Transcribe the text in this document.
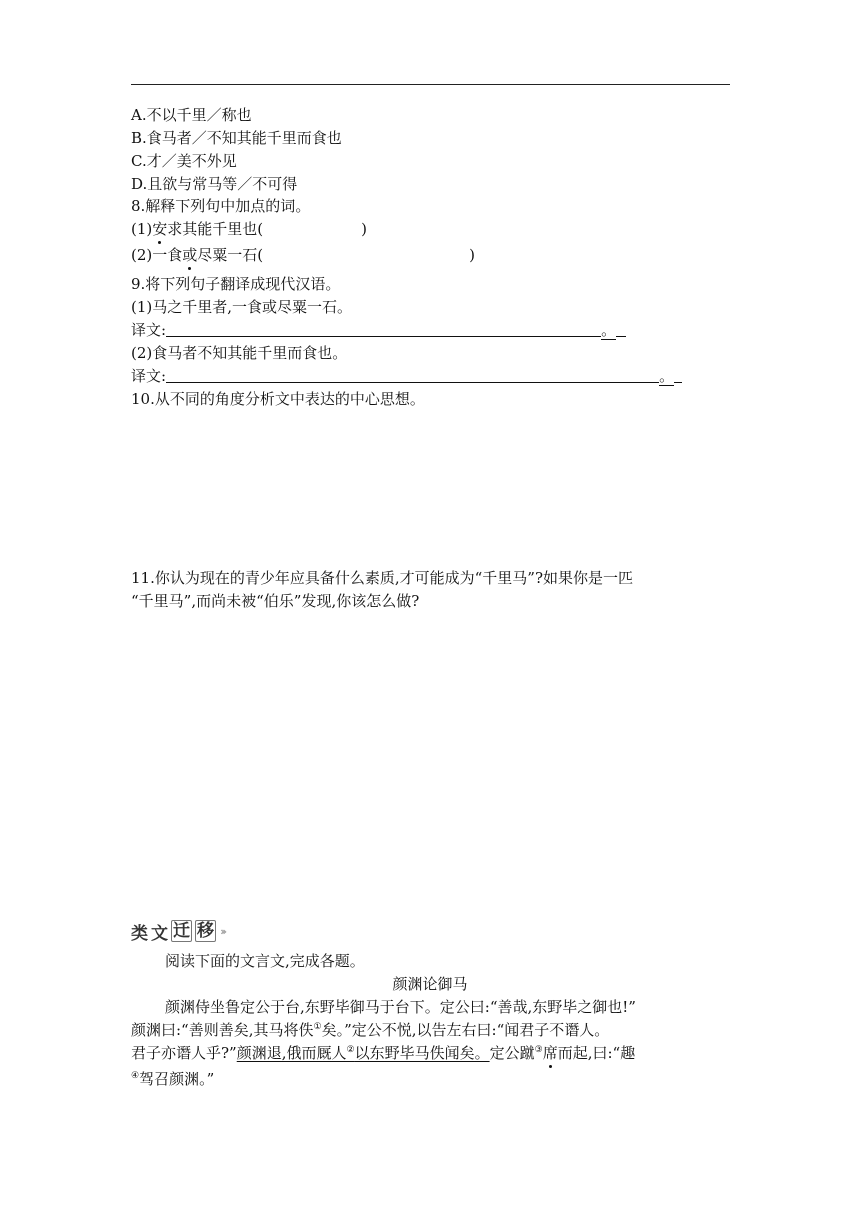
A.不以千里／称也
B.食马者／不知其能千里而食也
C.才／美不外见
D.且欲与常马等／不可得
8.解释下列句中加点的词。
(1)安求其能千里也(	)
(2)一食或尽粟一石(	)
9.将下列句子翻译成现代汉语。
(1)马之千里者,一食或尽粟一石。
译文:	。
(2)食马者不知其能千里而食也。
译文:	。
10.从不同的角度分析文中表达的中心思想。
11.你认为现在的青少年应具备什么素质,才可能成为“千里马”?如果你是一匹
“千里马”,而尚未被“伯乐”发现,你该怎么做?
类 文 迁 移 ›››
阅读下面的文言文,完成各题。
颜渊论御马
颜渊侍坐鲁定公于台,东野毕御马于台下。定公曰:“善哉,东野毕之御也!”
颜渊曰:“善则善矣,其马将佚①矣。”定公不悦,以告左右曰:“闻君子不谮人。
君子亦谮人乎?”颜渊退,俄而厩人②以东野毕马佚闻矣。定公蹴③席而起,曰:“趣
④驾召颜渊。”
